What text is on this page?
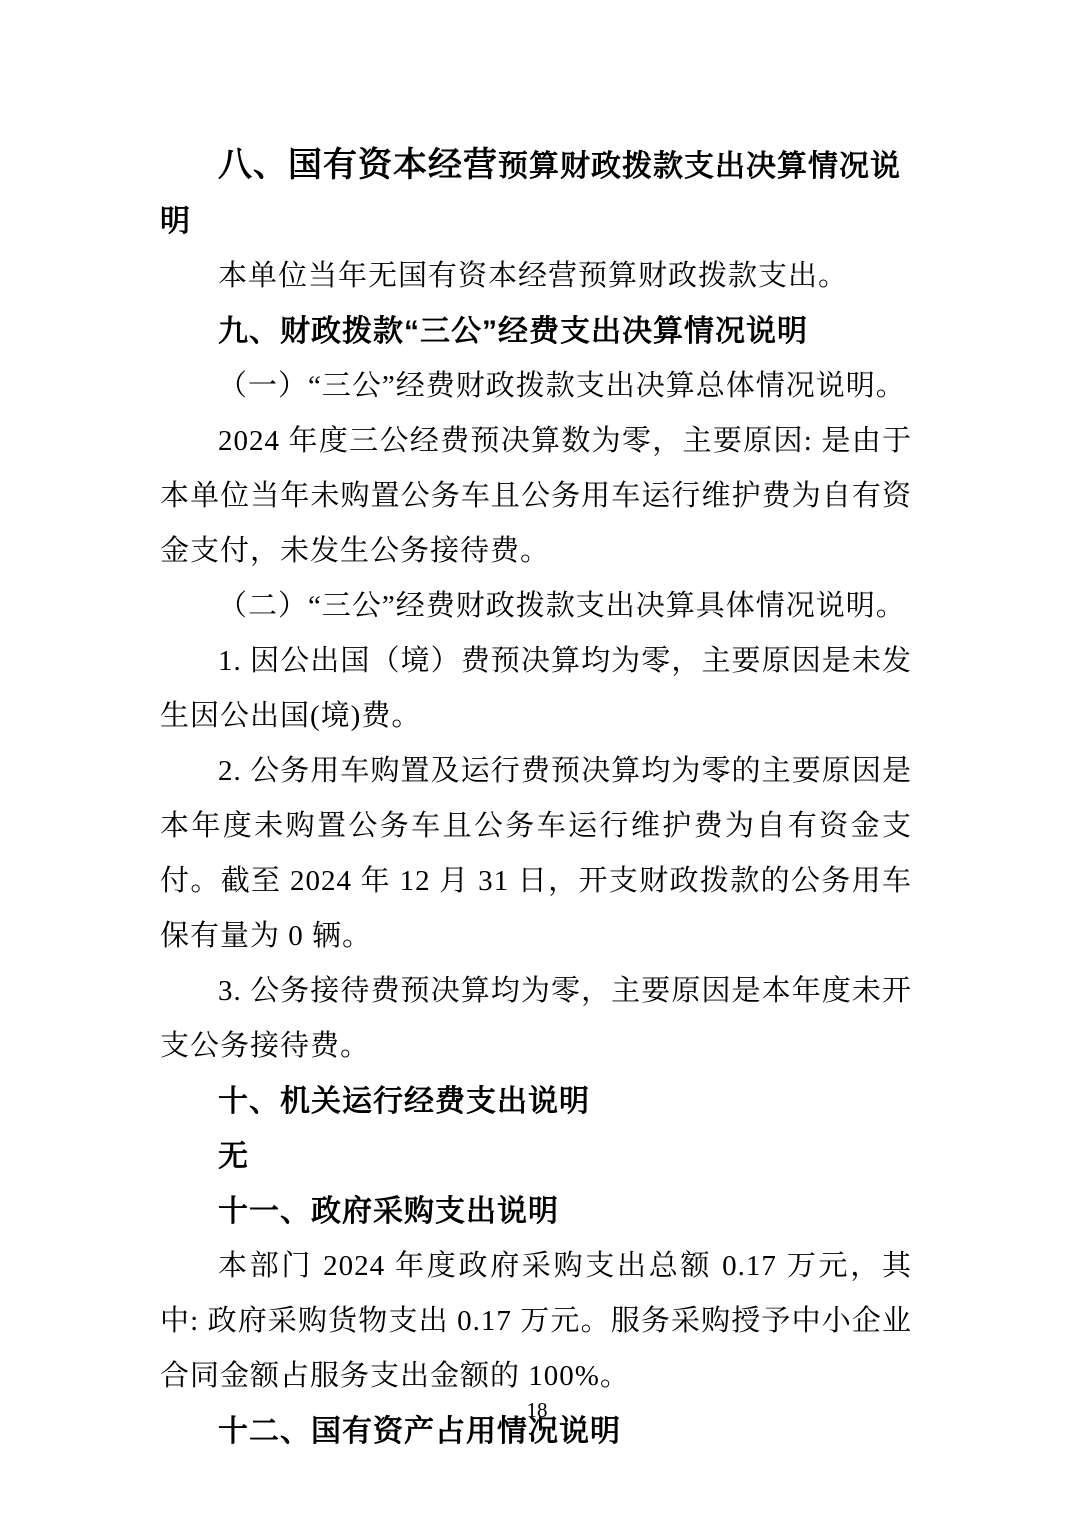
八、国有资本经营预算财政拨款支出决算情况说明

本单位当年无国有资本经营预算财政拨款支出。

九、财政拨款“三公”经费支出决算情况说明

（一）“三公”经费财政拨款支出决算总体情况说明。

2024 年度三公经费预决算数为零，主要原因: 是由于本单位当年未购置公务车且公务用车运行维护费为自有资金支付，未发生公务接待费。

（二）“三公”经费财政拨款支出决算具体情况说明。

1. 因公出国（境）费预决算均为零，主要原因是未发生因公出国(境)费。

2. 公务用车购置及运行费预决算均为零的主要原因是本年度未购置公务车且公务车运行维护费为自有资金支付。截至 2024 年 12 月 31 日，开支财政拨款的公务用车保有量为 0 辆。

3. 公务接待费预决算均为零，主要原因是本年度未开支公务接待费。

十、机关运行经费支出说明

无

十一、政府采购支出说明

本部门 2024 年度政府采购支出总额 0.17 万元，其中: 政府采购货物支出 0.17 万元。服务采购授予中小企业合同金额占服务支出金额的 100%。

十二、国有资产占用情况说明

18
